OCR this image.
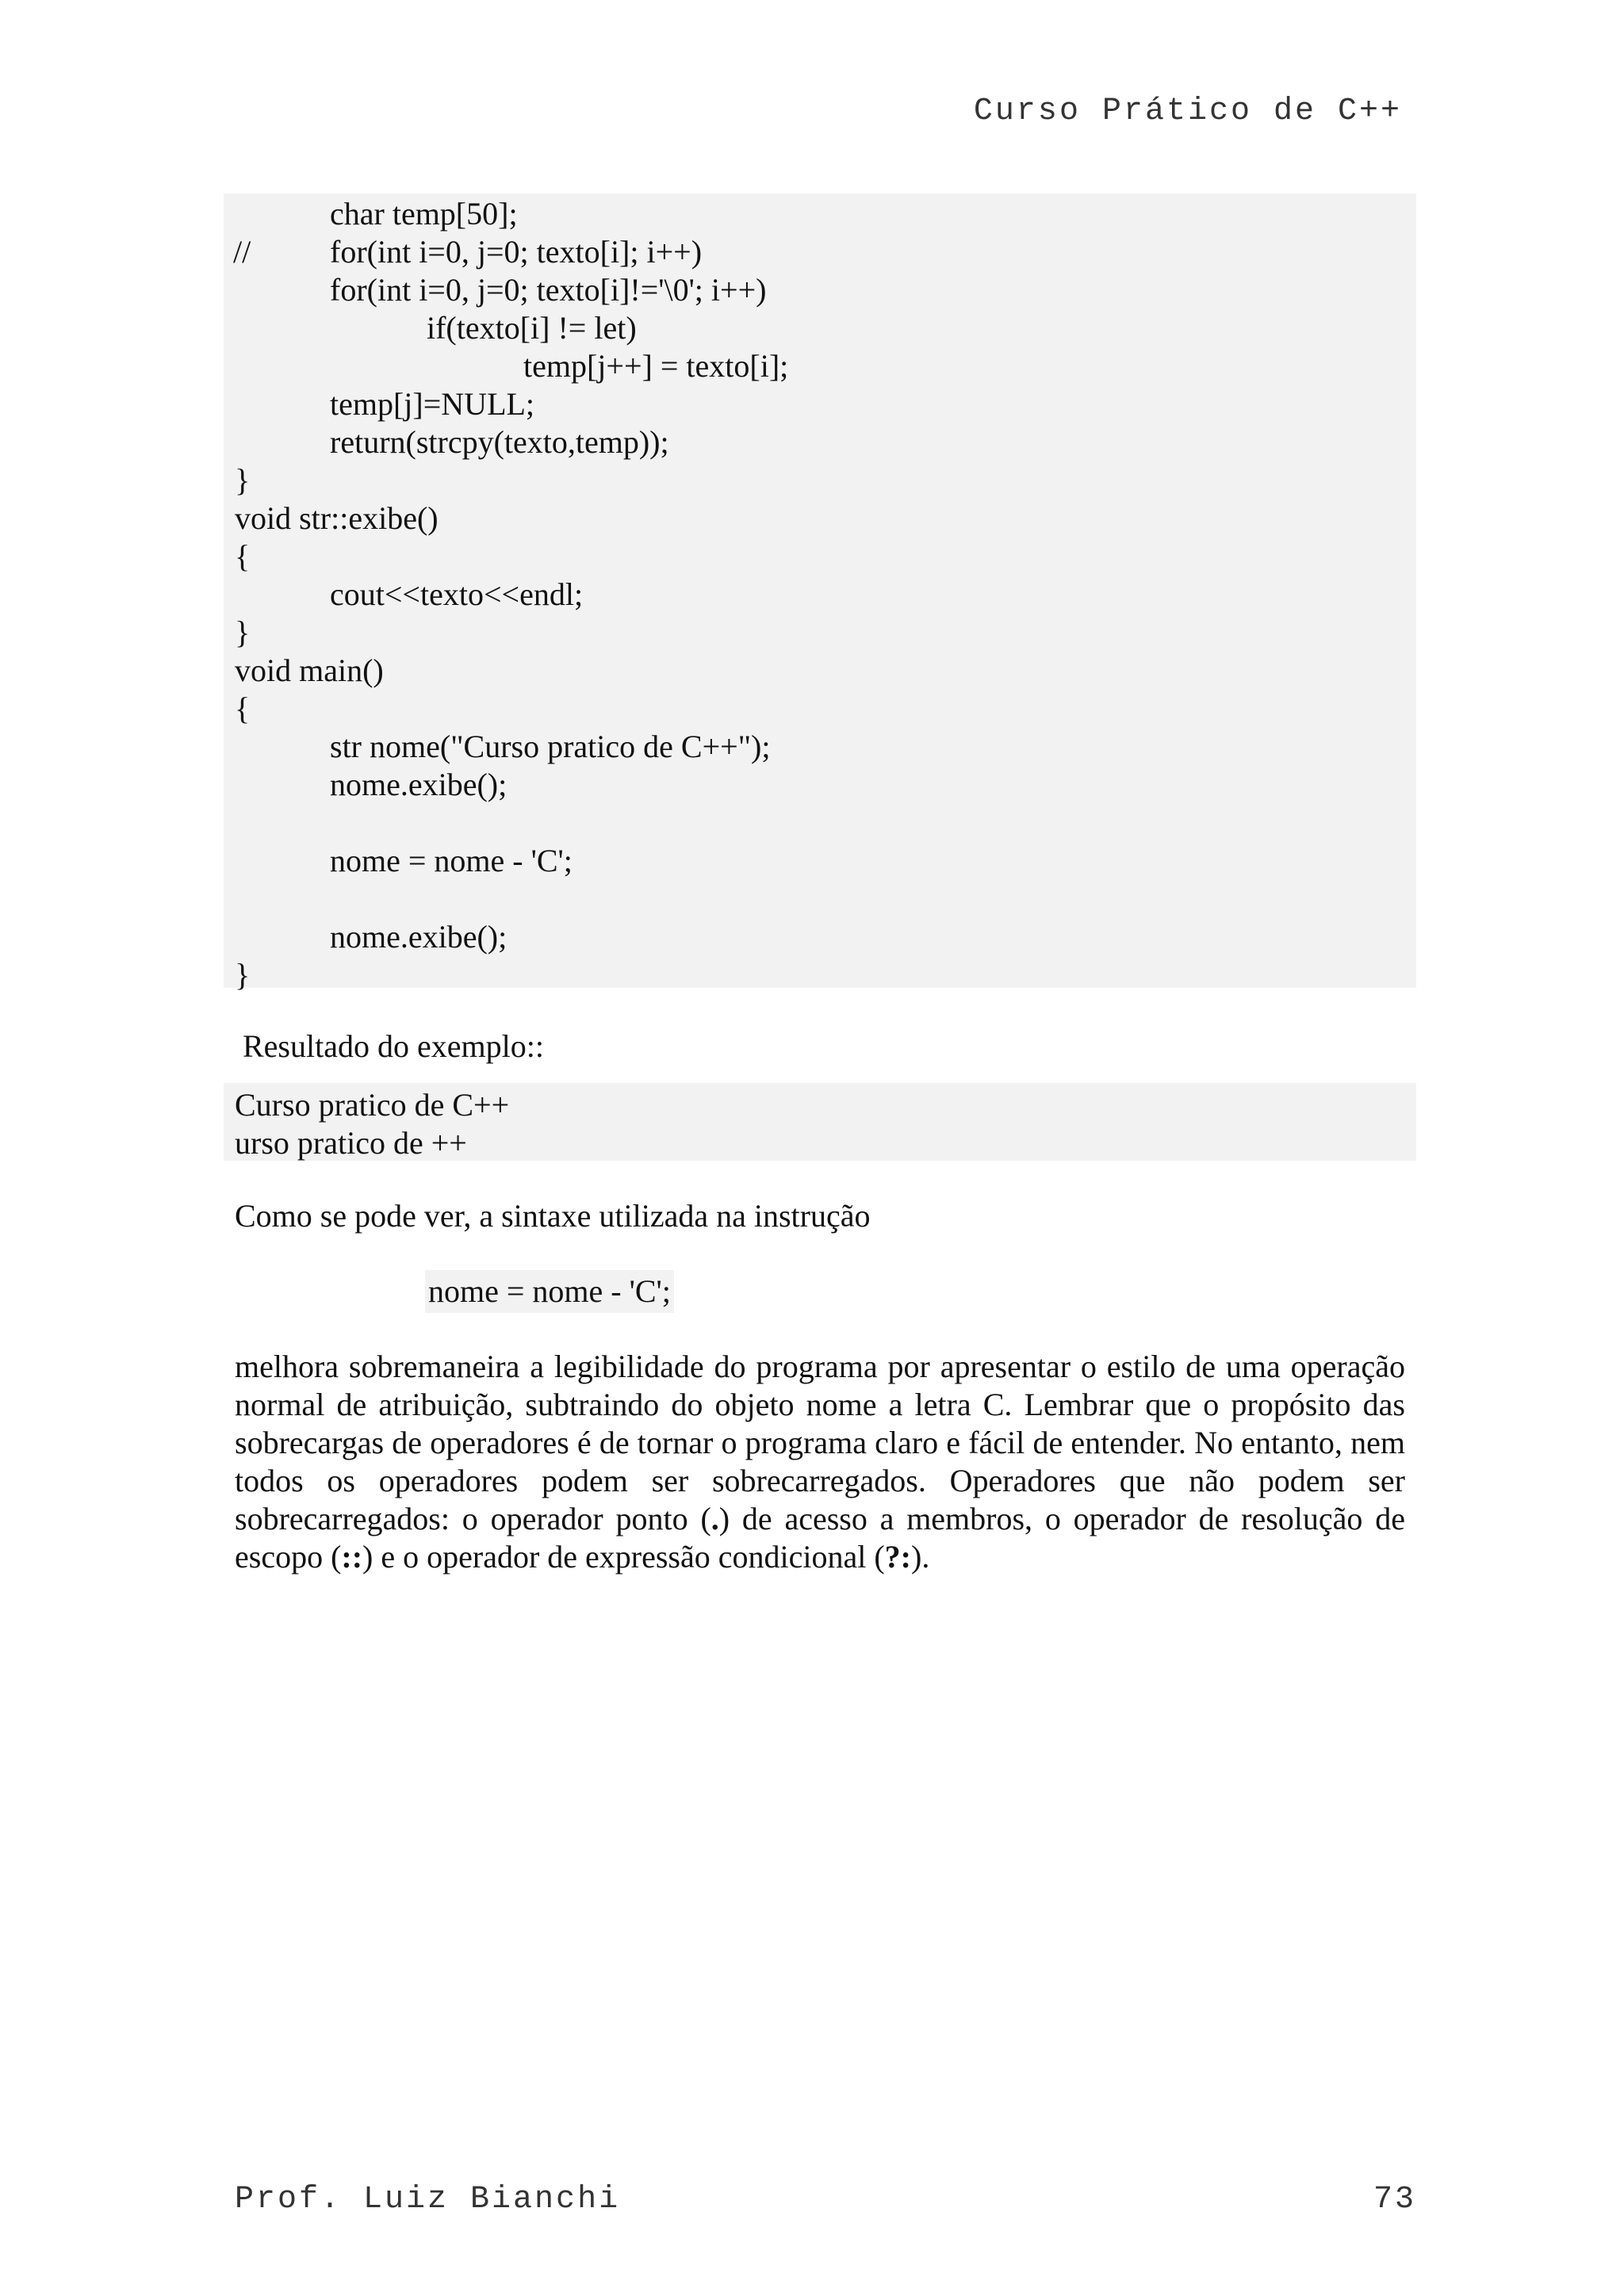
Curso Prático de C++
char temp[50];
// for(int i=0, j=0; texto[i]; i++)
for(int i=0, j=0; texto[i]!='\0'; i++)
if(texto[i] != let)
temp[j++] = texto[i];
temp[j]=NULL;
return(strcpy(texto,temp));
}
void str::exibe()
{
cout<<texto<<endl;
}
void main()
{
str nome("Curso pratico de C++");
nome.exibe();
nome = nome - 'C';
nome.exibe();
}
Resultado do exemplo::
Curso pratico de C++
urso pratico de ++
Como se pode ver, a sintaxe utilizada na instrução
nome = nome - 'C';
melhora sobremaneira a legibilidade do programa por apresentar o estilo de uma operação normal de atribuição, subtraindo do objeto nome a letra C. Lembrar que o propósito das sobrecargas de operadores é de tornar o programa claro e fácil de entender. No entanto, nem todos os operadores podem ser sobrecarregados. Operadores que não podem ser sobrecarregados: o operador ponto (.) de acesso a membros, o operador de resolução de escopo (::) e o operador de expressão condicional (?:).
Prof. Luiz Bianchi	73
